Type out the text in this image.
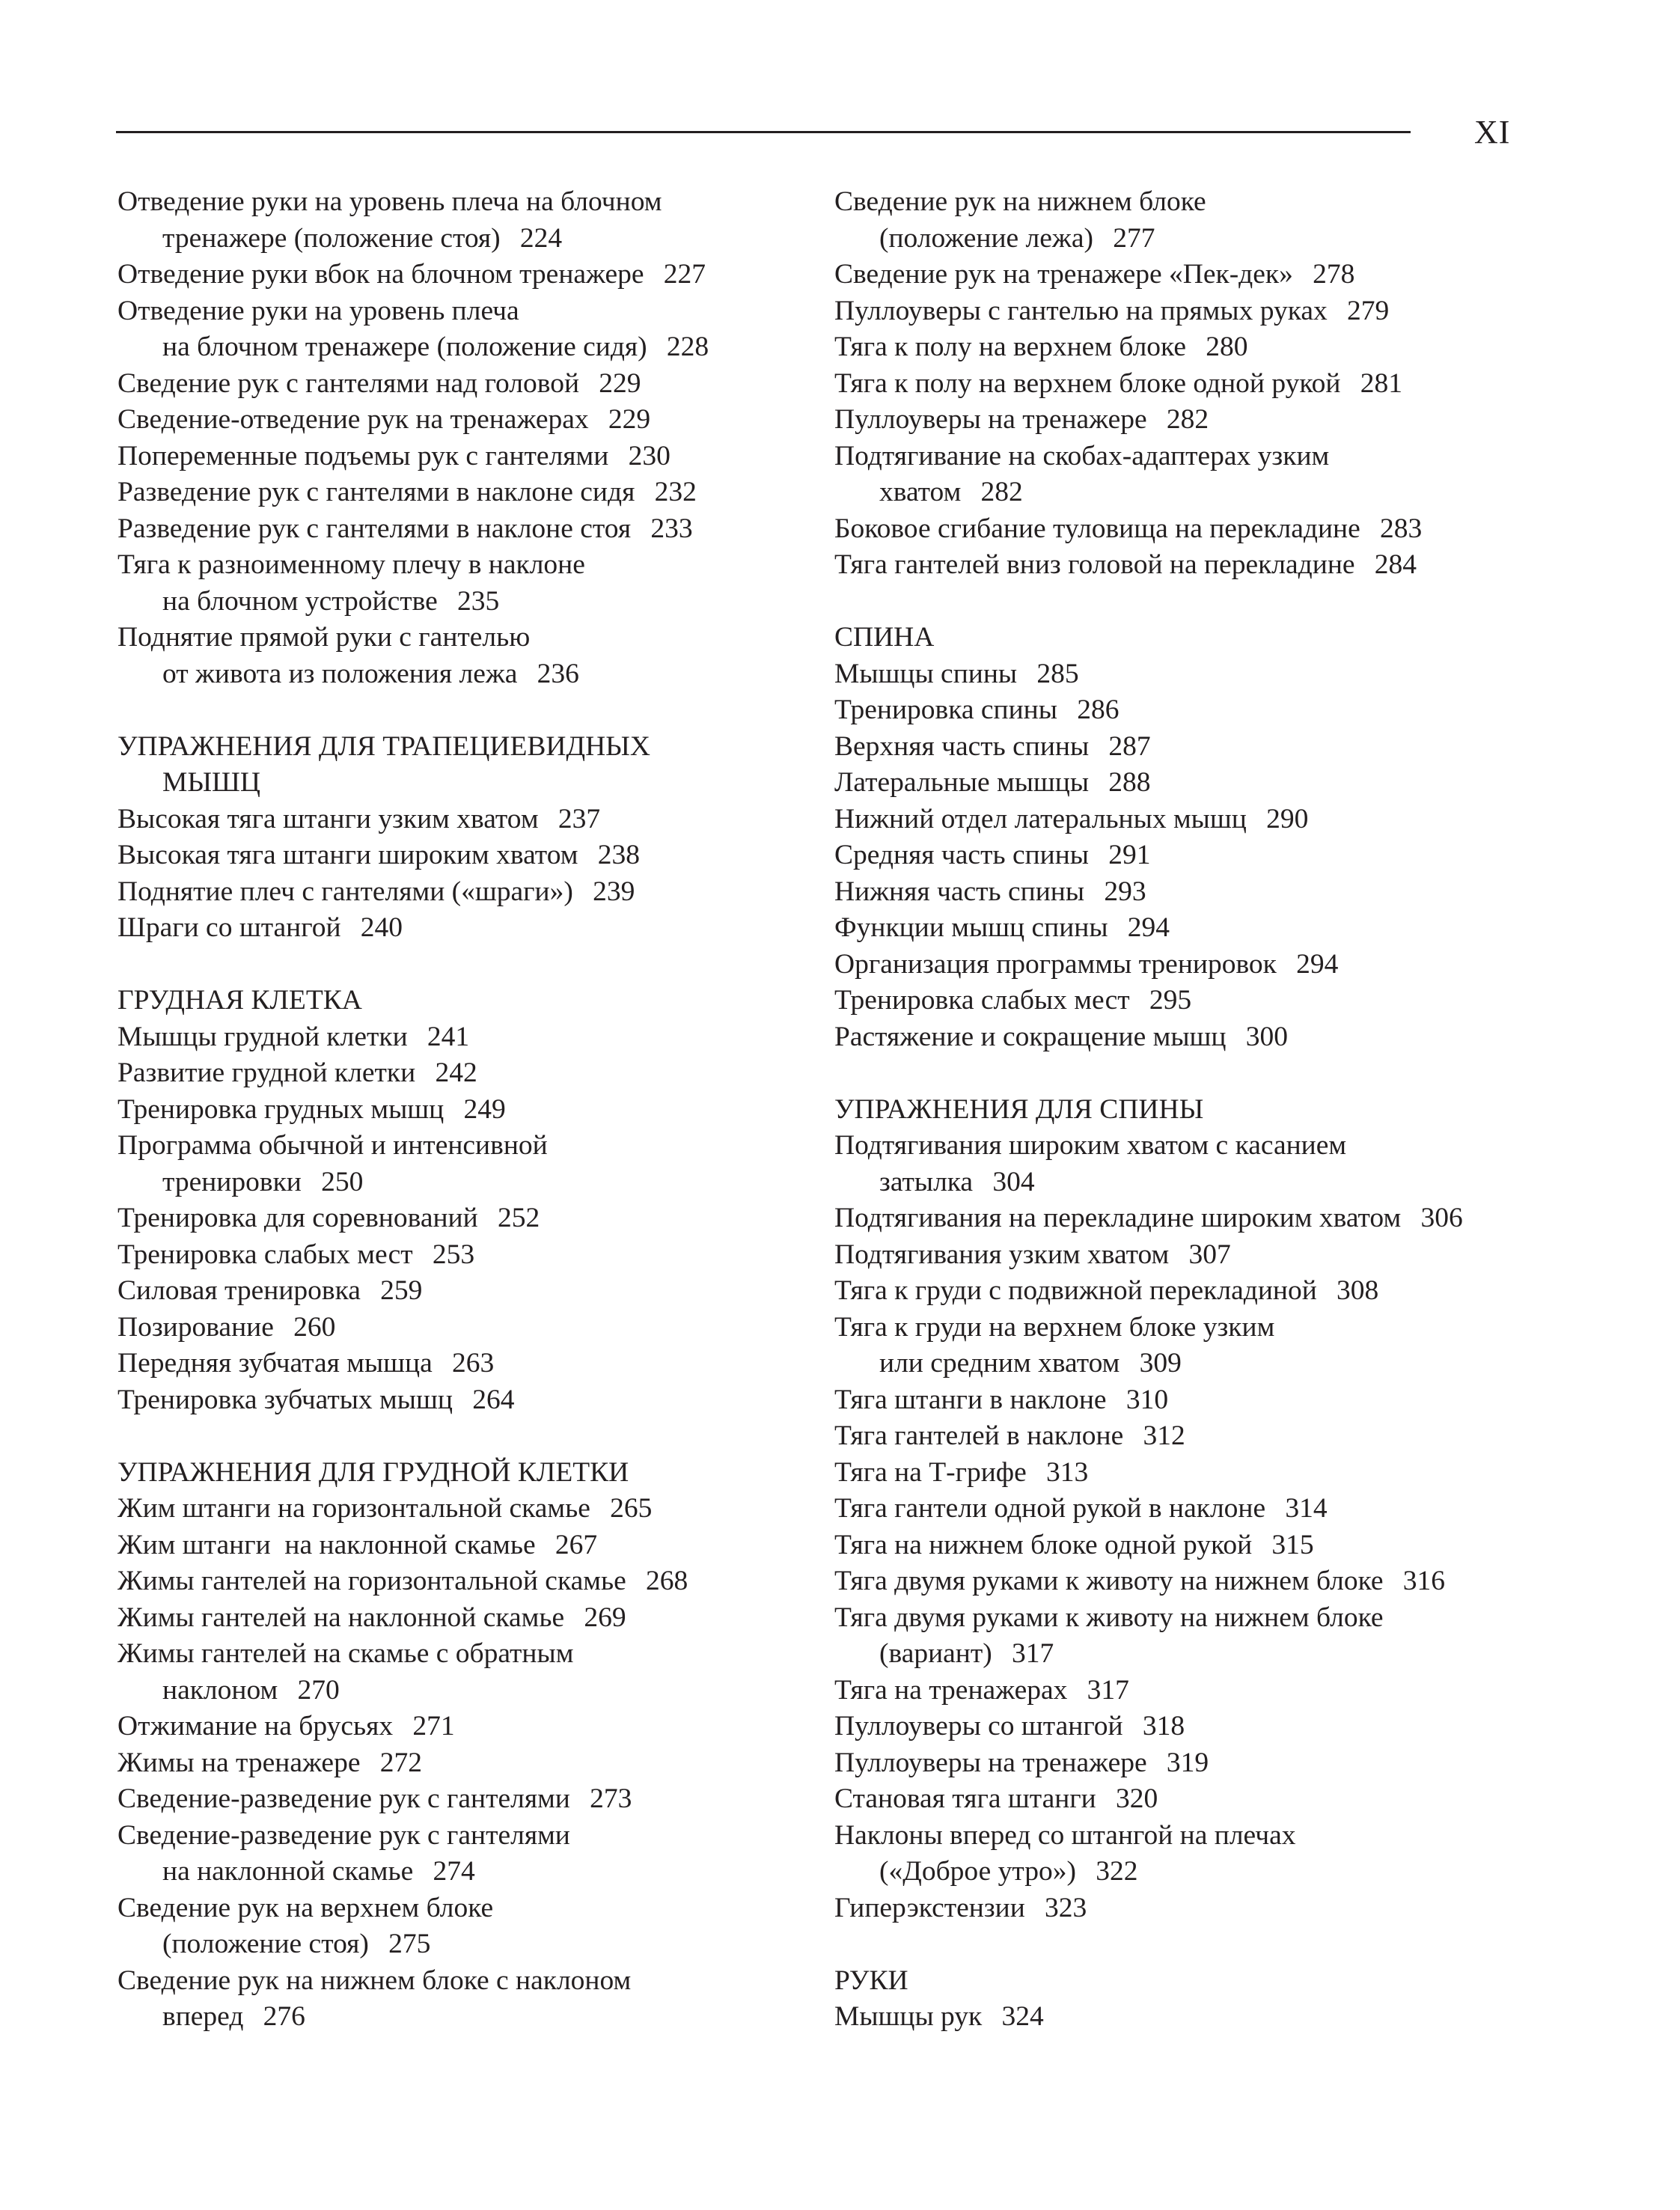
XI
Отведение руки на уровень плеча на блочном
тренажере (положение стоя) 224
Отведение руки вбок на блочном тренажере 227
Отведение руки на уровень плеча
на блочном тренажере (положение сидя) 228
Сведение рук с гантелями над головой 229
Сведение-отведение рук на тренажерах 229
Попеременные подъемы рук с гантелями 230
Разведение рук с гантелями в наклоне сидя 232
Разведение рук с гантелями в наклоне стоя 233
Тяга к разноименному плечу в наклоне
на блочном устройстве 235
Поднятие прямой руки с гантелью
от живота из положения лежа 236
УПРАЖНЕНИЯ ДЛЯ ТРАПЕЦИЕВИДНЫХ

МЫШЦ
Высокая тяга штанги узким хватом 237
Высокая тяга штанги широким хватом 238
Поднятие плеч с гантелями («шраги») 239
Шраги со штангой 240
ГРУДНАЯ КЛЕТКА
Мышцы грудной клетки 241
Развитие грудной клетки 242
Тренировка грудных мышц 249
Программа обычной и интенсивной
тренировки 250
Тренировка для соревнований 252
Тренировка слабых мест 253
Силовая тренировка 259
Позирование 260
Передняя зубчатая мышца 263
Тренировка зубчатых мышц 264
УПРАЖНЕНИЯ ДЛЯ ГРУДНОЙ КЛЕТКИ
Жим штанги на горизонтальной скамье 265
Жим штанги  на наклонной скамье 267
Жимы гантелей на горизонтальной скамье 268
Жимы гантелей на наклонной скамье 269
Жимы гантелей на скамье с обратным
наклоном 270
Отжимание на брусьях 271
Жимы на тренажере 272
Сведение-разведение рук с гантелями 273
Сведение-разведение рук с гантелями
на наклонной скамье 274
Сведение рук на верхнем блоке
(положение стоя) 275
Сведение рук на нижнем блоке с наклоном
вперед 276
Сведение рук на нижнем блоке
(положение лежа) 277
Сведение рук на тренажере «Пек-дек» 278
Пуллоуверы с гантелью на прямых руках 279
Тяга к полу на верхнем блоке 280
Тяга к полу на верхнем блоке одной рукой 281
Пуллоуверы на тренажере 282
Подтягивание на скобах-адаптерах узким
хватом 282
Боковое сгибание туловища на перекладине 283
Тяга гантелей вниз головой на перекладине 284
СПИНА
Мышцы спины 285
Тренировка спины 286
Верхняя часть спины 287
Латеральные мышцы 288
Нижний отдел латеральных мышц 290
Средняя часть спины 291
Нижняя часть спины 293
Функции мышц спины 294
Организация программы тренировок 294
Тренировка слабых мест 295
Растяжение и сокращение мышц 300
УПРАЖНЕНИЯ ДЛЯ СПИНЫ
Подтягивания широким хватом с касанием
затылка 304
Подтягивания на перекладине широким хватом 306
Подтягивания узким хватом 307
Тяга к груди с подвижной перекладиной 308
Тяга к груди на верхнем блоке узким
или средним хватом 309
Тяга штанги в наклоне 310
Тяга гантелей в наклоне 312
Тяга на Т-грифе 313
Тяга гантели одной рукой в наклоне 314
Тяга на нижнем блоке одной рукой 315
Тяга двумя руками к животу на нижнем блоке 316
Тяга двумя руками к животу на нижнем блоке
(вариант) 317
Тяга на тренажерах 317
Пуллоуверы со штангой 318
Пуллоуверы на тренажере 319
Становая тяга штанги 320
Наклоны вперед со штангой на плечах
(«Доброе утро») 322
Гиперэкстензии 323
РУКИ
Мышцы рук 324
